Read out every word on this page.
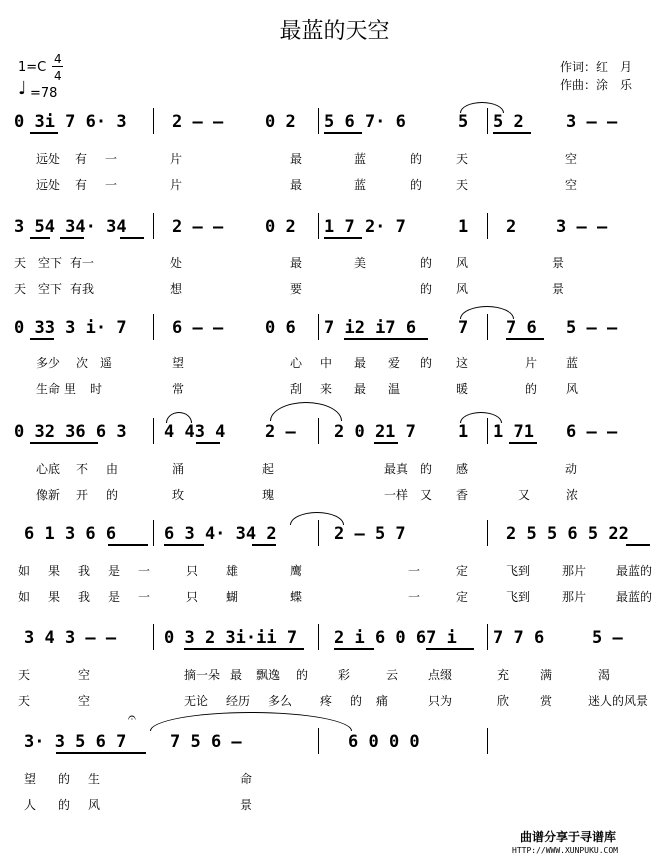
最蓝的天空
1=C
4
4
♩ =78
作词：红　月
作曲：涂　乐
0 3i 7 6· 3	2 — — 0 2 5 6 7· 6	5 5 2 3 — —
远处 有 一	片	最	蓝	的	天	空
远处 有 一	片	最	蓝	的	天	空
3 54 34· 34	2 — — 0 2 1 7 2· 7	1 2 3 — —
天 空下 有一	处	最	美	的 风	景
天 空下 有我	想	要	的 风	景
0 33 3 i· 7	6 — — 0 6 7 i2 i7 6 7 7 6 5 — —
多少 次 遥	望	心 中 最 爱 的 这	片 蓝
生命 里 时	常	刮 来 最 温	暖	的 风
0 32 36 6 3 4 43 4 2 — 2 0 21 7 1 1 71 6 — —
心底 不 由	涌	起	最真 的 感	动
像新 开 的	玫	瑰	一样 又 香	又	浓
6 1 3 6 6	6 3 4· 34 2	2 — 5 7	2 5 5 6 5 22
如 果 我 是 一	只 雄	鹰	一	定	飞到	那片 最蓝的
如 果 我 是 一	只 蝴	蝶	一	定	飞到	那片 最蓝的
3 4 3 — —	0 3 2 3i·ii 7 2 i 6 0 67 i 7 7 6	5 —
天	空	摘一朵 最 飘逸 的 彩	云 点缀	充	满	渴
天	空	无论 经历 多么 疼 的 痛	只为	欣	赏	迷人的风景
3· 3 5 6 7	7 5 6 —	6 0 0 0
𝄐
望 的 生	命
人 的 风	景
曲谱分享于寻谱库
HTTP://WWW.XUNPUKU.COM
